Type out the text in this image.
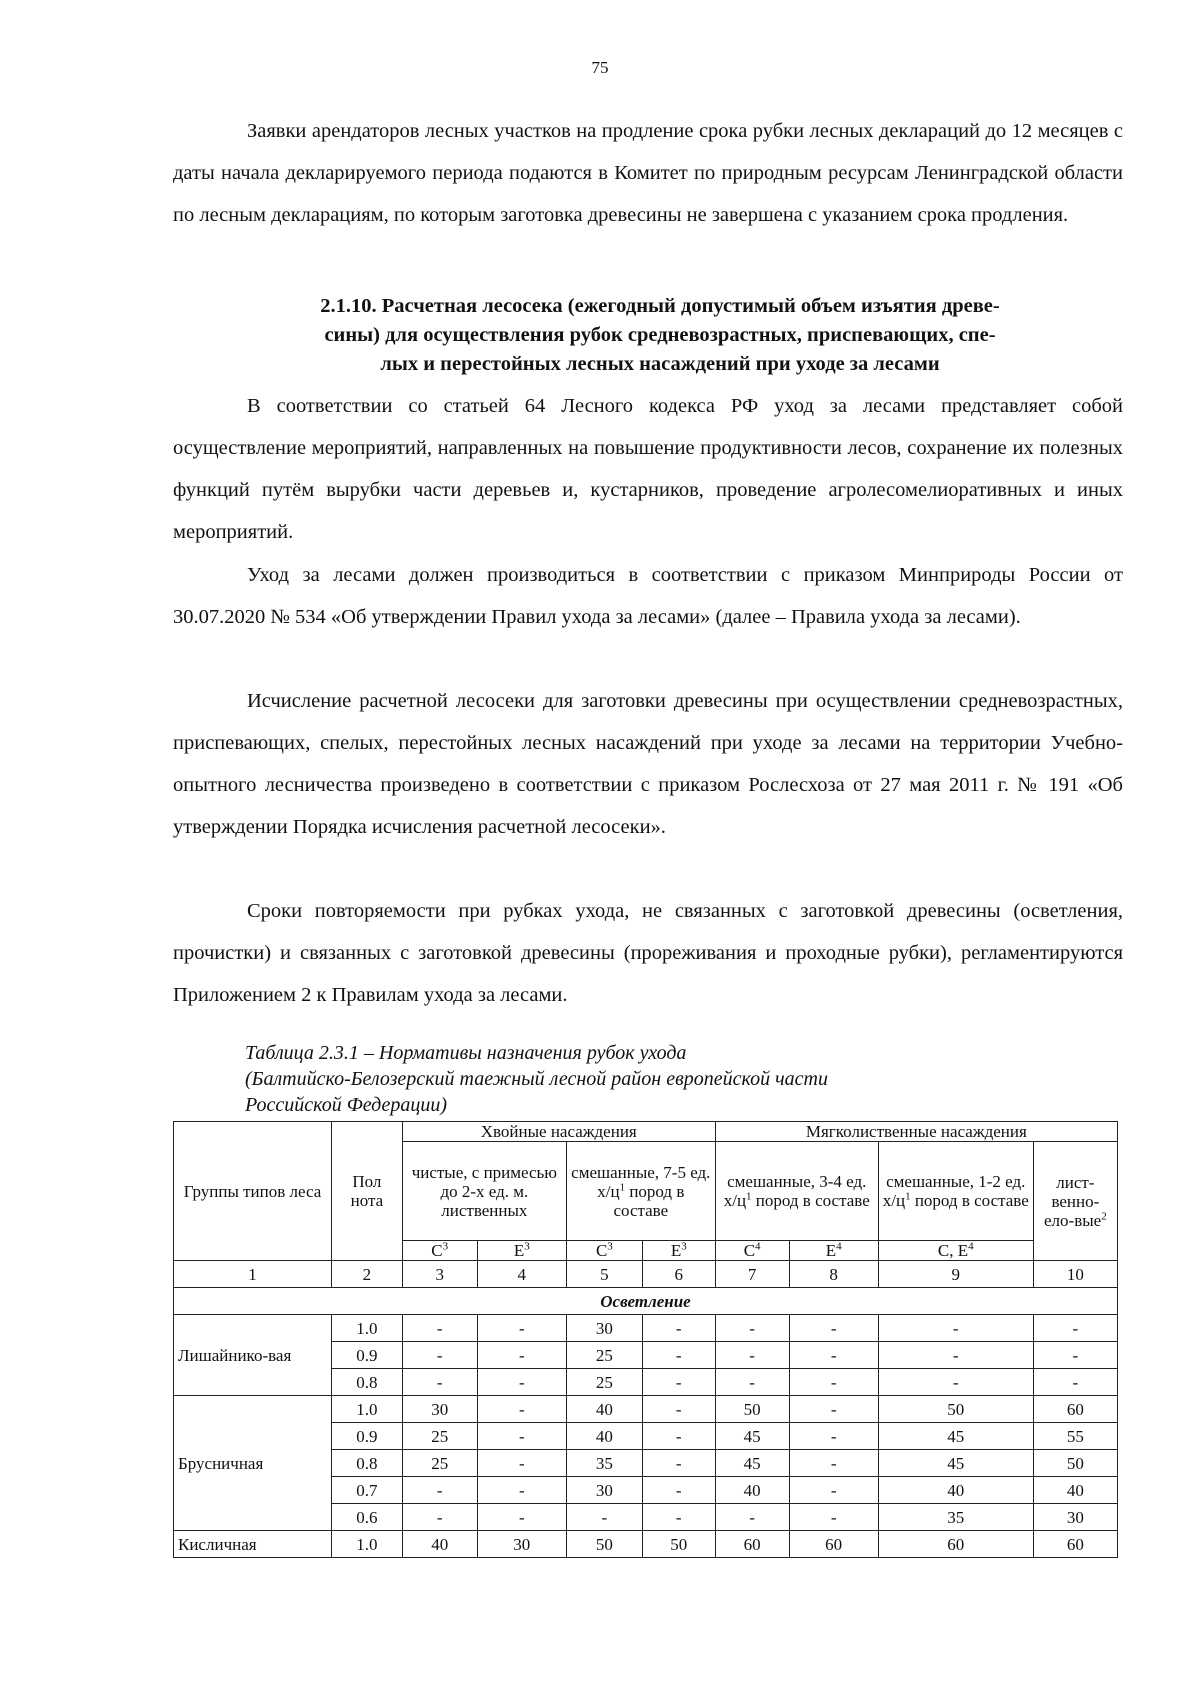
75

Заявки арендаторов лесных участков на продление срока рубки лесных деклараций до 12 месяцев с даты начала декларируемого периода подаются в Комитет по природным ресурсам Ленинградской области по лесным декларациям, по которым заготовка древесины не завершена с указанием срока продления.

2.1.10. Расчетная лесосека (ежегодный допустимый объем изъятия древе-
сины) для осуществления рубок средневозрастных, приспевающих, спе-
лых и перестойных лесных насаждений при уходе за лесами

В соответствии со статьей 64 Лесного кодекса РФ уход за лесами представляет собой осуществление мероприятий, направленных на повышение продуктивности лесов, сохранение их полезных функций путём вырубки части деревьев и, кустарников, проведение агролесомелиоративных и иных мероприятий.

Уход за лесами должен производиться в соответствии с приказом Минприроды России от 30.07.2020 № 534 «Об утверждении Правил ухода за лесами» (далее – Правила ухода за лесами).

Исчисление расчетной лесосеки для заготовки древесины при осуществлении средневозрастных, приспевающих, спелых, перестойных лесных насаждений при уходе за лесами на территории Учебно-опытного лесничества произведено в соответствии с приказом Рослесхоза от 27 мая 2011 г. № 191 «Об утверждении Порядка исчисления расчетной лесосеки».

Сроки повторяемости при рубках ухода, не связанных с заготовкой древесины (осветления, прочистки) и связанных с заготовкой древесины (прореживания и проходные рубки), регламентируются Приложением 2 к Правилам ухода за лесами.

Таблица 2.3.1 – Нормативы назначения рубок ухода
(Балтийско-Белозерский таежный лесной район европейской части
Российской Федерации)
Группы типов леса	Пол нота	Хвойные насаждения				Мягколиственные насаждения			
		чистые, с примесью до 2-х ед. м. лиственных		смешанные, 7-5 ед. $х/ц^1$ пород в составе		смешанные, 3-4 ед. $х/ц^1$ пород в составе		смешанные, 1-2 ед. $х/ц^1$ пород в составе	лист-венно-ело-вые$^2$
		$С^3$	$Е^3$	$С^3$	$Е^3$	$С^4$	$Е^4$	С, $Е^4$
1	2	3	4	5	6	7	8	9	10
Осветление									
Лишайнико-вая	1.0	-	-	30	-	-	-	-	-
	0.9	-	-	25	-	-	-	-	-
	0.8	-	-	25	-	-	-	-	-
Брусничная	1.0	30	-	40	-	50	-	50	60
	0.9	25	-	40	-	45	-	45	55
	0.8	25	-	35	-	45	-	45	50
	0.7	-	-	30	-	40	-	40	40
	0.6	-	-	-	-	-	-	35	30
Кисличная	1.0	40	30	50	50	60	60	60	60
